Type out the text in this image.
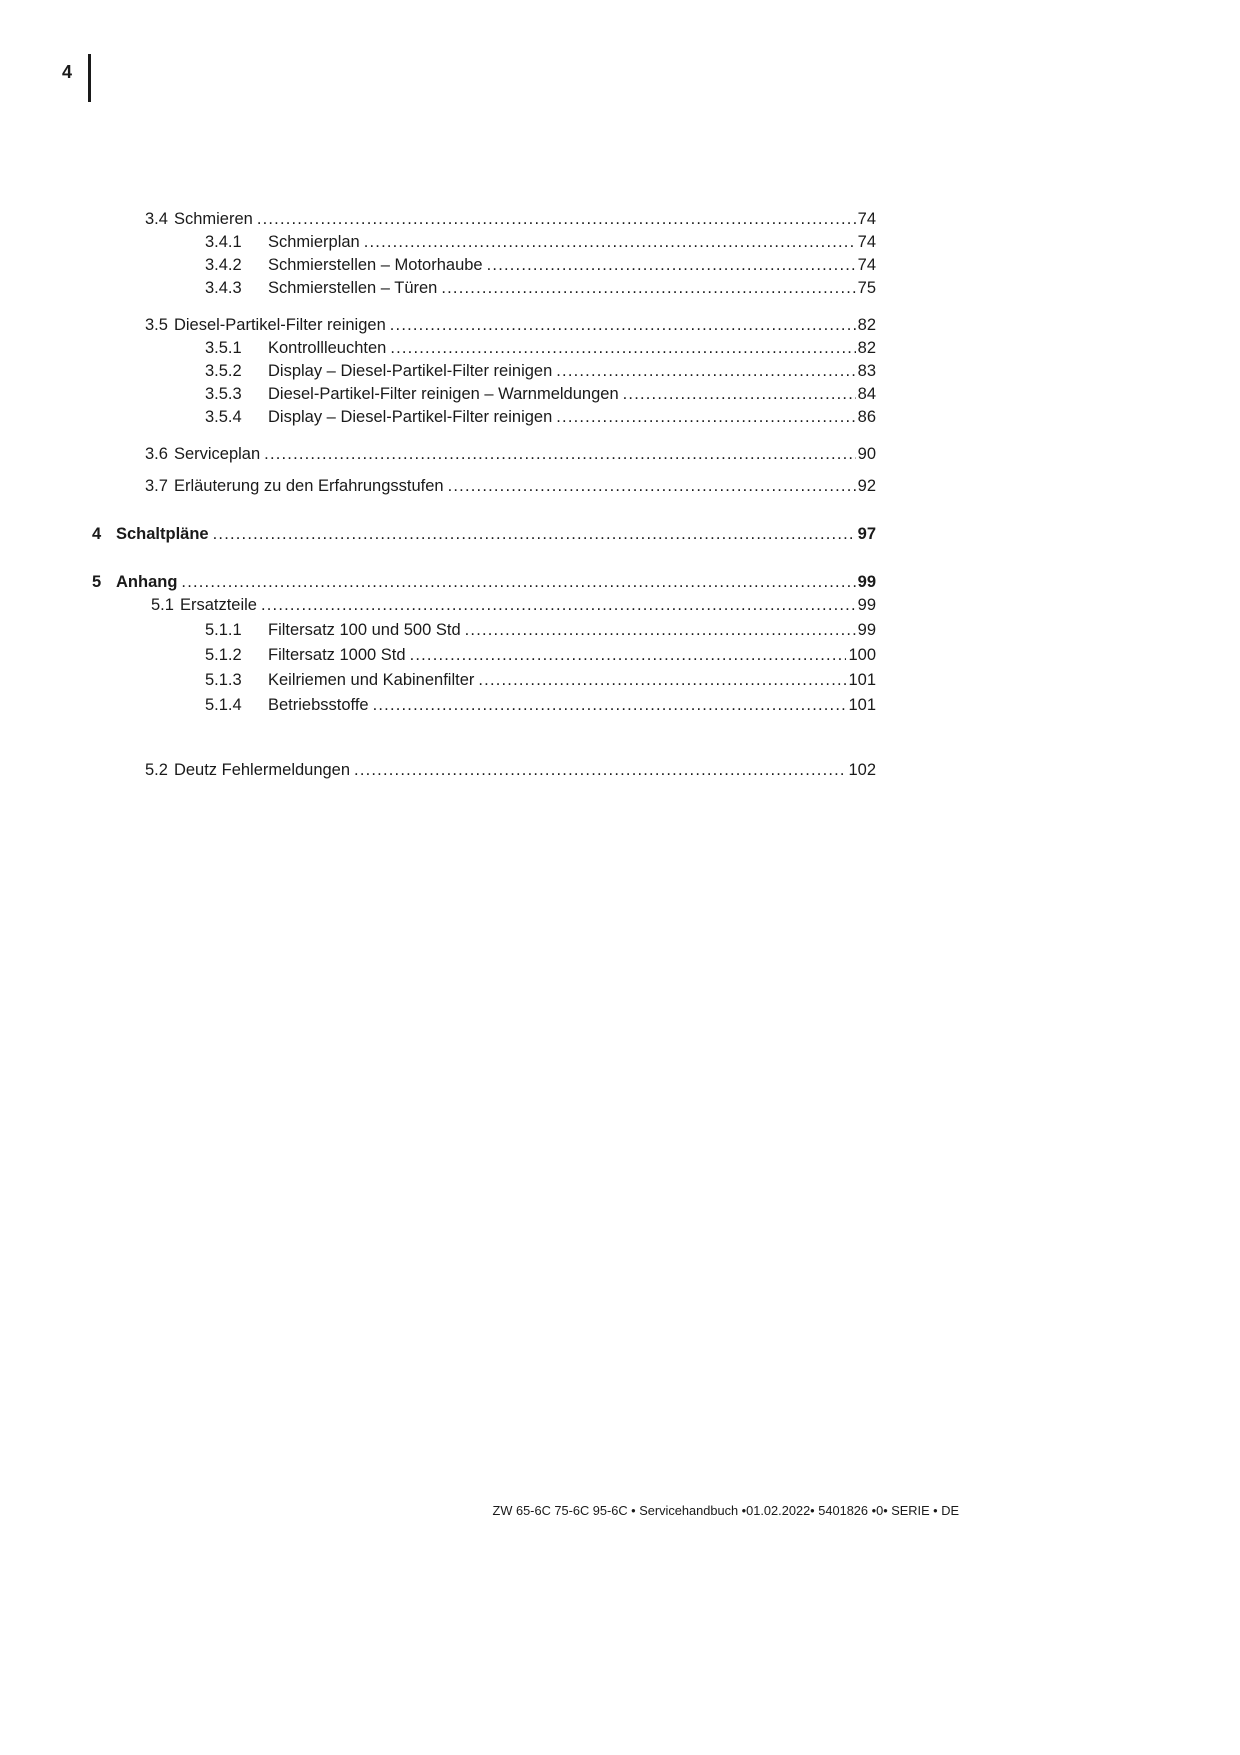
4
3.4 Schmieren .....	74
3.4.1	Schmierplan .....	74
3.4.2	Schmierstellen – Motorhaube .....	74
3.4.3	Schmierstellen – Türen .....	75
3.5 Diesel-Partikel-Filter reinigen .....	82
3.5.1	Kontrollleuchten .....	82
3.5.2	Display – Diesel-Partikel-Filter reinigen .....	83
3.5.3	Diesel-Partikel-Filter reinigen – Warnmeldungen .....	84
3.5.4	Display – Diesel-Partikel-Filter reinigen .....	86
3.6 Serviceplan .....	90
3.7 Erläuterung zu den Erfahrungsstufen .....	92
4 Schaltpläne .....	97
5 Anhang .....	99
5.1 Ersatzteile .....	99
5.1.1	Filtersatz 100 und 500 Std .....	99
5.1.2	Filtersatz 1000 Std .....	100
5.1.3	Keilriemen und Kabinenfilter .....	101
5.1.4	Betriebsstoffe .....	101
5.2 Deutz Fehlermeldungen .....	102
ZW 65-6C 75-6C 95-6C • Servicehandbuch •01.02.2022• 5401826 •0• SERIE • DE
